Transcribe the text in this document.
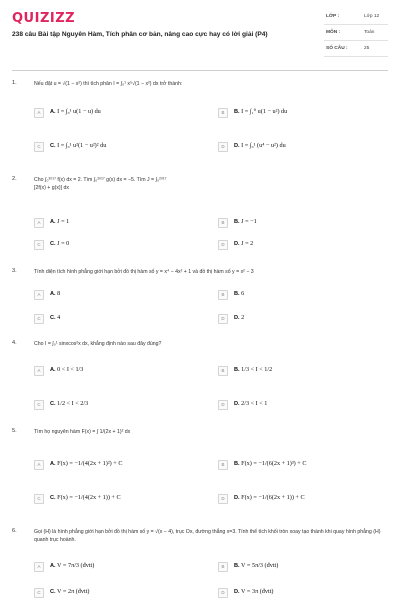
QUIZIZZ
238 câu Bài tập Nguyên Hàm, Tích phân cơ bản, nâng cao cực hay có lời giải (P4)
LỚP :	Lớp 12
MÔN :	Toán
SỐ CÂU :	25
1.	Nếu đặt u = √(1 − x²) thì tích phân I = ∫₀¹ x⁵√(1 − x²) dx trở thành:
A	A. I = ∫₀¹ u(1 − u) du	B	B. I = ∫₁⁰ u(1 − u²) du
C	C. I = ∫₀¹ u²(1 − u²)² du	D	D. I = ∫₀¹ (u⁴ − u²) du
2.	Cho ∫₀²⁰¹⁷ f(x) dx = 2. Tìm ∫₀²⁰¹⁷ g(x) dx = −5. Tìm J = ∫₀²⁰¹⁷ [2f(x) + g(x)] dx
A	A. J = 1	B	B. J = −1
C	C. J = 0	D	D. J = 2
3.	Tính diện tích hình phẳng giới hạn bởi đồ thị hàm số y = x⁴ − 4x² + 1 và đồ thị hàm số y = x² − 3
A	A. 8	B	B. 6
C	C. 4	D	D. 2
4.	Cho I = ∫₀¹ sinxcos²x dx, khẳng định nào sau đây đúng?
A	A. 0 < I < 1/3	B	B. 1/3 < I < 1/2
C	C. 1/2 < I < 2/3	D	D. 2/3 < I < 1
5.	Tìm họ nguyên hàm F(x) = ∫ 1/(2x + 1)² dx
A	A. F(x) = −1/(4(2x + 1)²) + C	B	B. F(x) = −1/(6(2x + 1)³) + C
C	C. F(x) = −1/(4(2x + 1)) + C	D	D. F(x) = −1/(6(2x + 1)) + C
6.	Gọi (H) là hình phẳng giới hạn bởi đồ thị hàm số y = √(x − 4), trục Ox, đường thẳng x=3. Tính thể tích khối tròn xoay tạo thành khi quay hình phẳng (H) quanh trục hoành.
A	A. V = 7π/3 (đvtt)	B	B. V = 5π/3 (đvtt)
C	C. V = 2π (đvtt)	D	D. V = 3π (đvtt)
